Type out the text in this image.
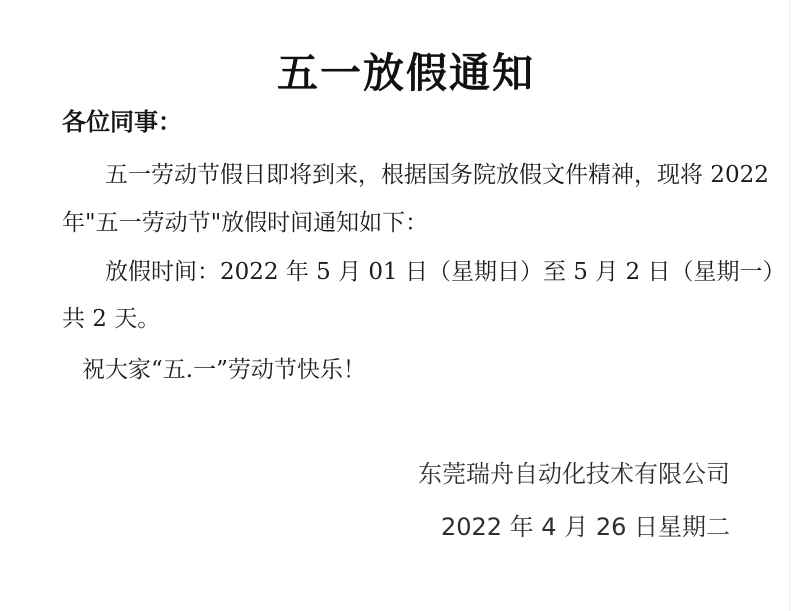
五一放假通知
各位同事：
五一劳动节假日即将到来，根据国务院放假文件精神，现将 2022
年"五一劳动节"放假时间通知如下：
放假时间：2022 年 5 月 01 日（星期日）至 5 月 2 日（星期一）
共 2 天。
祝大家“五.一”劳动节快乐！
东莞瑞舟自动化技术有限公司
2022 年 4 月 26 日星期二
